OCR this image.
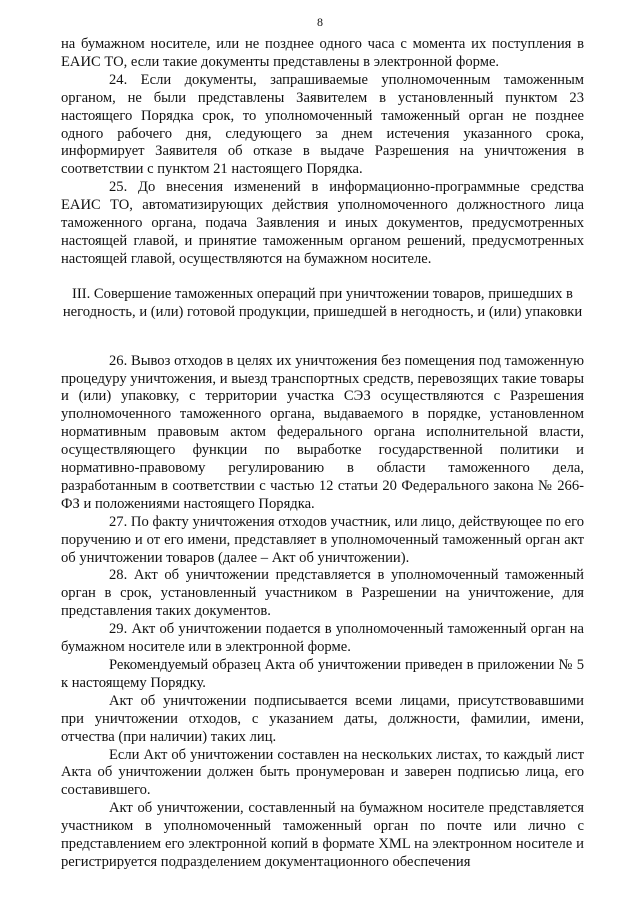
8

на бумажном носителе, или не позднее одного часа с момента их поступления в ЕАИС ТО, если такие документы представлены в электронной форме.

24. Если документы, запрашиваемые уполномоченным таможенным органом, не были представлены Заявителем в установленный пунктом 23 настоящего Порядка срок, то уполномоченный таможенный орган не позднее одного рабочего дня, следующего за днем истечения указанного срока, информирует Заявителя об отказе в выдаче Разрешения на уничтожения в соответствии с пунктом 21 настоящего Порядка.

25. До внесения изменений в информационно-программные средства ЕАИС ТО, автоматизирующих действия уполномоченного должностного лица таможенного органа, подача Заявления и иных документов, предусмотренных настоящей главой, и принятие таможенным органом решений, предусмотренных настоящей главой, осуществляются на бумажном носителе.

III. Совершение таможенных операций при уничтожении товаров, пришедших в негодность, и (или) готовой продукции, пришедшей в негодность, и (или) упаковки

26. Вывоз отходов в целях их уничтожения без помещения под таможенную процедуру уничтожения, и выезд транспортных средств, перевозящих такие товары и (или) упаковку, с территории участка СЭЗ осуществляются с Разрешения уполномоченного таможенного органа, выдаваемого в порядке, установленном нормативным правовым актом федерального органа исполнительной власти, осуществляющего функции по выработке государственной политики и нормативно-правовому регулированию в области таможенного дела, разработанным в соответствии с частью 12 статьи 20 Федерального закона № 266-ФЗ и положениями настоящего Порядка.

27. По факту уничтожения отходов участник, или лицо, действующее по его поручению и от его имени, представляет в уполномоченный таможенный орган акт об уничтожении товаров (далее – Акт об уничтожении).

28. Акт об уничтожении представляется в уполномоченный таможенный орган в срок, установленный участником в Разрешении на уничтожение, для представления таких документов.

29. Акт об уничтожении подается в уполномоченный таможенный орган на бумажном носителе или в электронной форме.

Рекомендуемый образец Акта об уничтожении приведен в приложении № 5 к настоящему Порядку.

Акт об уничтожении подписывается всеми лицами, присутствовавшими при уничтожении отходов, с указанием даты, должности, фамилии, имени, отчества (при наличии) таких лиц.

Если Акт об уничтожении составлен на нескольких листах, то каждый лист Акта об уничтожении должен быть пронумерован и заверен подписью лица, его составившего.

Акт об уничтожении, составленный на бумажном носителе представляется участником в уполномоченный таможенный орган по почте или лично с представлением его электронной копий в формате XML на электронном носителе и регистрируется подразделением документационного обеспечения
